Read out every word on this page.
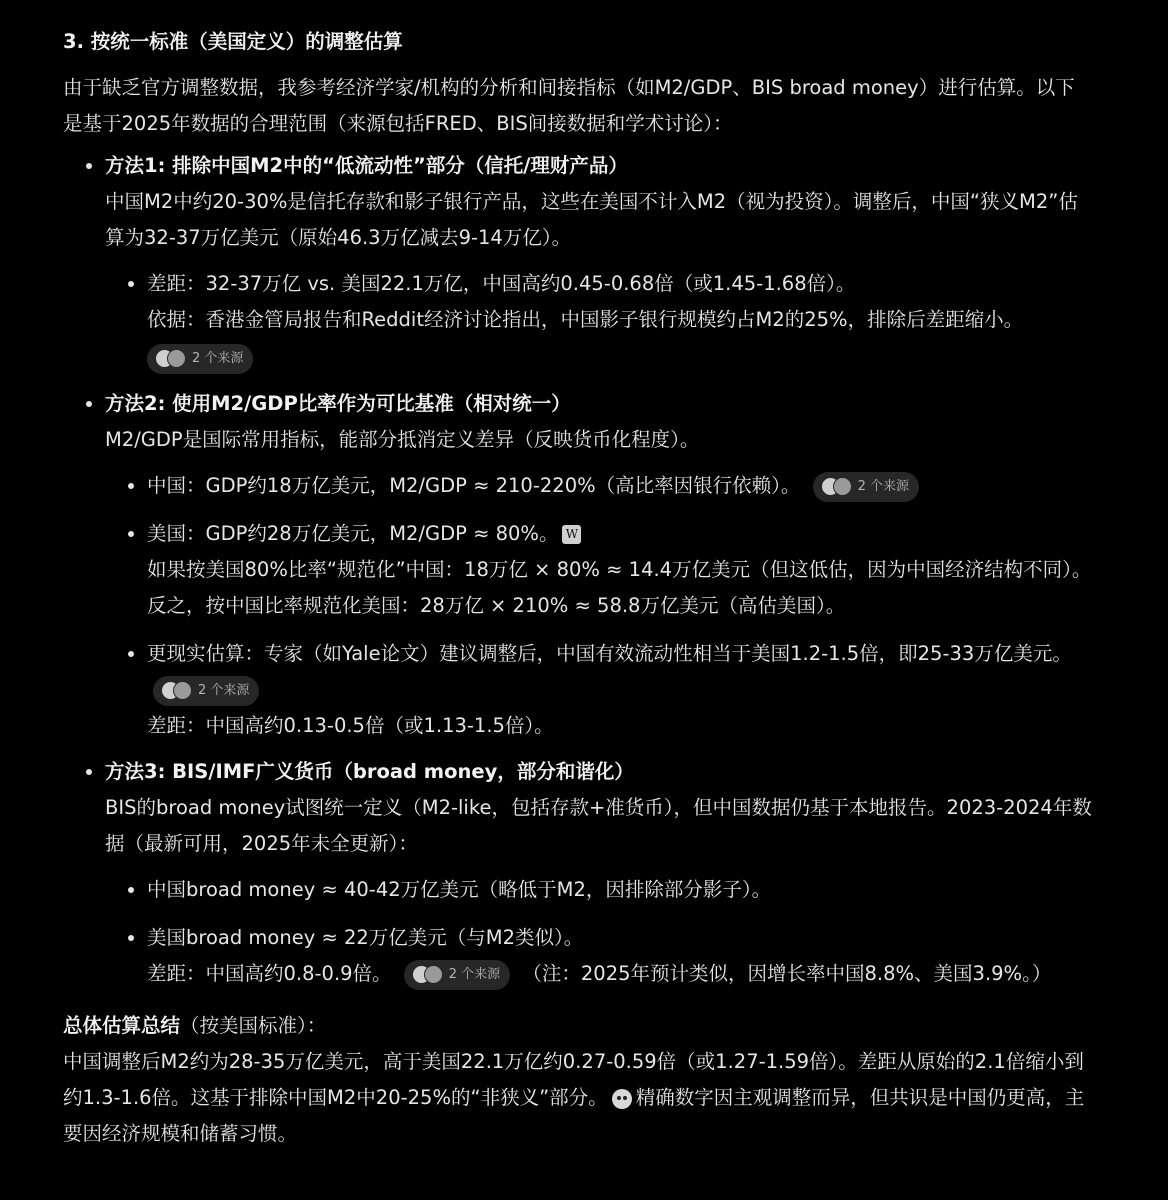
3. 按统一标准（美国定义）的调整估算

由于缺乏官方调整数据，我参考经济学家/机构的分析和间接指标（如M2/GDP、BIS broad money）进行估算。以下是基于2025年数据的合理范围（来源包括FRED、BIS间接数据和学术讨论）：

方法1: 排除中国M2中的“低流动性”部分（信托/理财产品）
中国M2中约20-30%是信托存款和影子银行产品，这些在美国不计入M2（视为投资）。调整后，中国“狭义M2”估算为32-37万亿美元（原始46.3万亿减去9-14万亿）。
差距：32-37万亿 vs. 美国22.1万亿，中国高约0.45-0.68倍（或1.45-1.68倍）。
依据：香港金管局报告和Reddit经济讨论指出，中国影子银行规模约占M2的25%，排除后差距缩小。
2 个来源
方法2: 使用M2/GDP比率作为可比基准（相对统一）
M2/GDP是国际常用指标，能部分抵消定义差异（反映货币化程度）。
中国：GDP约18万亿美元，M2/GDP ≈ 210-220%（高比率因银行依赖）。	2 个来源
美国：GDP约28万亿美元，M2/GDP ≈ 80%。 W
如果按美国80%比率“规范化”中国：18万亿 × 80% ≈ 14.4万亿美元（但这低估，因为中国经济结构不同）。反之，按中国比率规范化美国：28万亿 × 210% ≈ 58.8万亿美元（高估美国）。
更现实估算：专家（如Yale论文）建议调整后，中国有效流动性相当于美国1.2-1.5倍，即25-33万亿美元。
2 个来源
差距：中国高约0.13-0.5倍（或1.13-1.5倍）。
方法3: BIS/IMF广义货币（broad money，部分和谐化）
BIS的broad money试图统一定义（M2-like，包括存款+准货币），但中国数据仍基于本地报告。2023-2024年数据（最新可用，2025年未全更新）：
中国broad money ≈ 40-42万亿美元（略低于M2，因排除部分影子）。
美国broad money ≈ 22万亿美元（与M2类似）。
差距：中国高约0.8-0.9倍。	2 个来源 （注：2025年预计类似，因增长率中国8.8%、美国3.9%。）
总体估算总结（按美国标准）：

中国调整后M2约为28-35万亿美元，高于美国22.1万亿约0.27-0.59倍（或1.27-1.59倍）。差距从原始的2.1倍缩小到约1.3-1.6倍。这基于排除中国M2中20-25%的“非狭义”部分。 精确数字因主观调整而异，但共识是中国仍更高，主要因经济规模和储蓄习惯。
